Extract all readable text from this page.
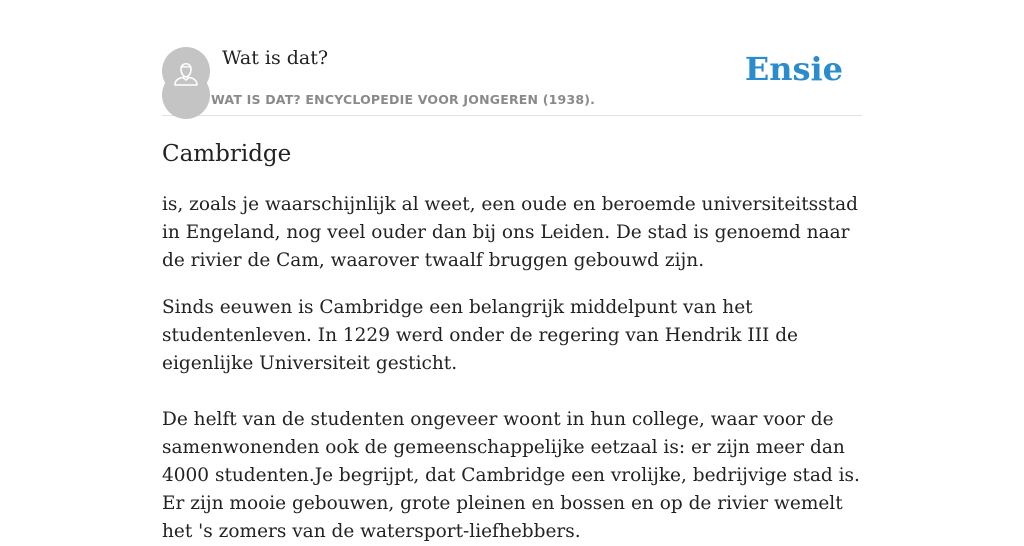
Wat is dat?
WAT IS DAT? ENCYCLOPEDIE VOOR JONGEREN (1938).
Ensie
Cambridge

is, zoals je waarschijnlijk al weet, een oude en beroemde universiteitsstad in Engeland, nog veel ouder dan bij ons Leiden. De stad is genoemd naar de rivier de Cam, waarover twaalf bruggen gebouwd zijn.

Sinds eeuwen is Cambridge een belangrijk middelpunt van het studentenleven. In 1229 werd onder de regering van Hendrik III de eigenlijke Universiteit gesticht.

De helft van de studenten ongeveer woont in hun college, waar voor de samenwonenden ook de gemeenschappelijke eetzaal is: er zijn meer dan 4000 studenten.Je begrijpt, dat Cambridge een vrolijke, bedrijvige stad is. Er zijn mooie gebouwen, grote pleinen en bossen en op de rivier wemelt het 's zomers van de watersport-liefhebbers.
